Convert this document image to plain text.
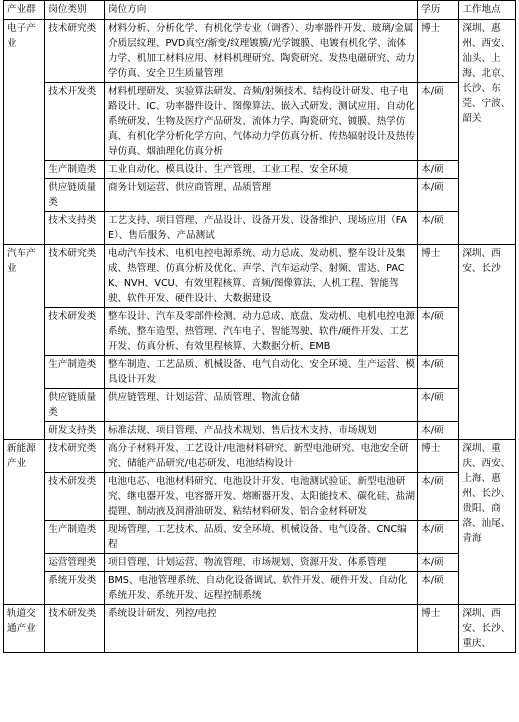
产业群	岗位类别	岗位方向	学历	工作地点
电子产业	技术研究类	材料分析、分析化学、有机化学专业（调香）、功率器件开发、玻璃/金属介质层纹理、PVD真空/渐变/纹理镀膜/光学镀膜、电镀有机化学、流体力学、机加工材料应用、材料机理研究、陶瓷研究、发热电磁研究、动力学仿真、安全卫生质量管理	博士	深圳、惠州、西安、汕头、上海、北京、长沙、东莞、宁波、韶关
	技术开发类	材料机理研发、实验算法研发、音频/射频技术、结构设计研发、电子电路设计、IC、功率器件设计、图像算法、嵌入式研发、测试应用、自动化系统研发、生物及医疗产品研发、流体力学、陶瓷研究、镀膜、热学仿真、有机化学分析化学方向、气体动力学仿真分析、传热辐射设计及热传导仿真、烟油理化仿真分析	本/硕	
	生产制造类	工业自动化、模具设计、生产管理、工业工程、安全环境	本/硕	
	供应链质量类	商务计划运营、供应商管理、品质管理	本/硕	
	技术支持类	工艺支持、项目管理、产品设计、设备开发、设备维护、现场应用（FAE）、售后服务、产品测试	本/硕	
汽车产业	技术研究类	电动汽车技术、电机电控电源系统、动力总成、发动机、整车设计及集成、热管理、仿真分析及优化、声学、汽车运动学、射频、雷达、PACK、NVH、VCU、有效里程核算、音频/图像算法、人机工程、智能驾驶、软件开发、硬件设计、大数据建设	博士	深圳、西安、长沙
	技术研发类	整车设计、汽车及零部件检测、动力总成、底盘、发动机、电机电控电源系统、整车造型、热管理、汽车电子、智能驾驶、软件/硬件开发、工艺开发、仿真分析、有效里程核算、大数据分析、EMB	本/硕	
	生产制造类	整车制造、工艺品质、机械设备、电气自动化、安全环境、生产运营、模具设计开发	本/硕	
	供应链质量类	供应链管理、计划运营、品质管理、物流仓储	本/硕	
	研发支持类	标准法规、项目管理、产品技术规划、售后技术支持、市场规划	本/硕	
新能源产业	技术研究类	高分子材料开发、工艺设计/电池材料研究、新型电池研究、电池安全研究、储能产品研究/电芯研发、电池结构设计	博士	深圳、重庆、西安、上海、惠州、长沙、贵阳、商洛、汕尾、青海
	技术研发类	电池电芯、电池材料研究、电池设计开发、电池测试验证、新型电池研究、继电器开发、电容器开发、熔断器开发、太阳能技术、碳化硅、盐湖提锂、制动液及润滑油研发、粘结材料研发、铝合金材料研发	本/硕	
	生产制造类	现场管理、工艺技术、品质、安全环境、机械设备、电气设备、CNC编程	本/硕	
	运营管理类	项目管理、计划运营、物流管理、市场规划、资源开发、体系管理	本/硕	
	系统开发类	BMS、电池管理系统、自动化设备调试、软件开发、硬件开发、自动化系统开发、系统开发、远程控制系统	本/硕	
轨道交通产业	技术研发类	系统设计研发、列控/电控	博士	深圳、西安、长沙、重庆、
